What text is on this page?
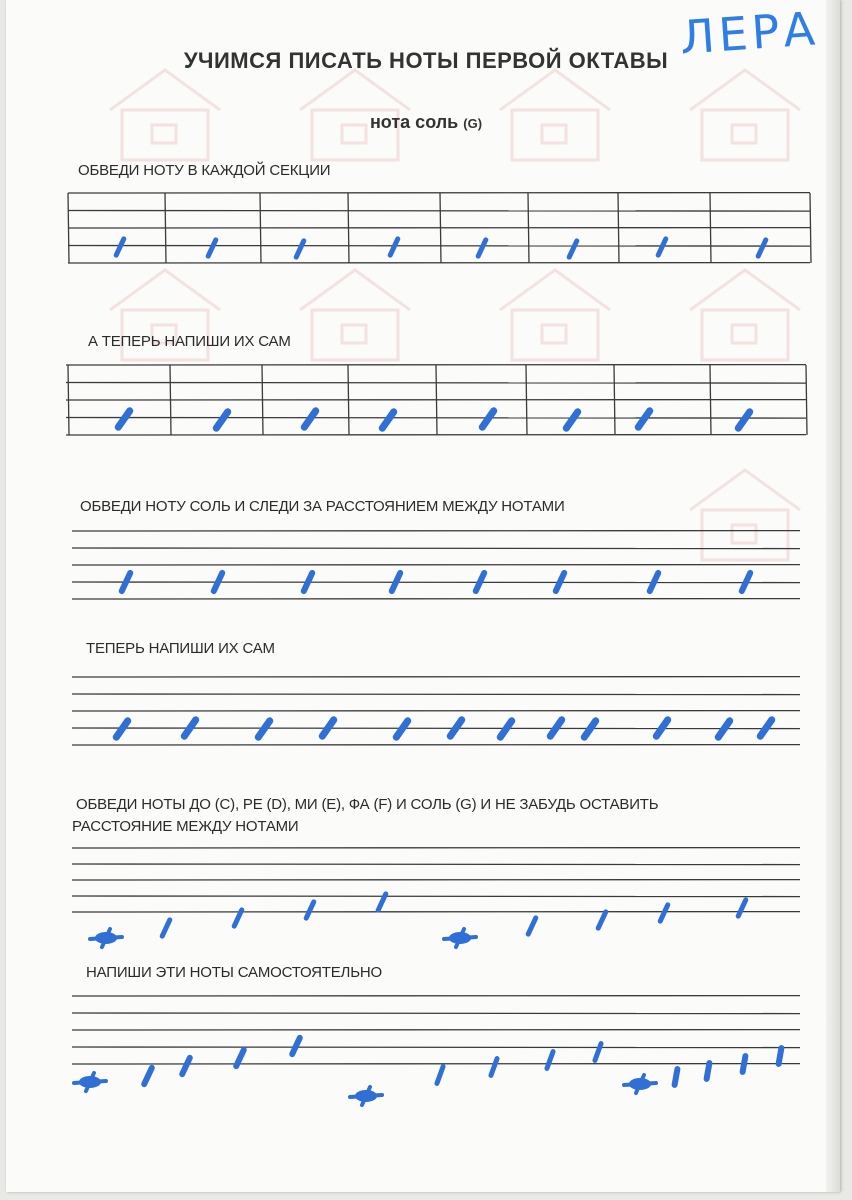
ЛЕРА
УЧИМСЯ ПИСАТЬ НОТЫ ПЕРВОЙ ОКТАВЫ
нота соль (G)
ОБВЕДИ НОТУ В КАЖДОЙ СЕКЦИИ
А ТЕПЕРЬ НАПИШИ ИХ САМ
ОБВЕДИ НОТУ СОЛЬ И СЛЕДИ ЗА РАССТОЯНИЕМ МЕЖДУ НОТАМИ
ТЕПЕРЬ НАПИШИ ИХ САМ
ОБВЕДИ НОТЫ ДО (C), РЕ (D), МИ (E), ФА (F) И СОЛЬ (G) И НЕ ЗАБУДЬ ОСТАВИТЬ
РАССТОЯНИЕ МЕЖДУ НОТАМИ
НАПИШИ ЭТИ НОТЫ САМОСТОЯТЕЛЬНО
